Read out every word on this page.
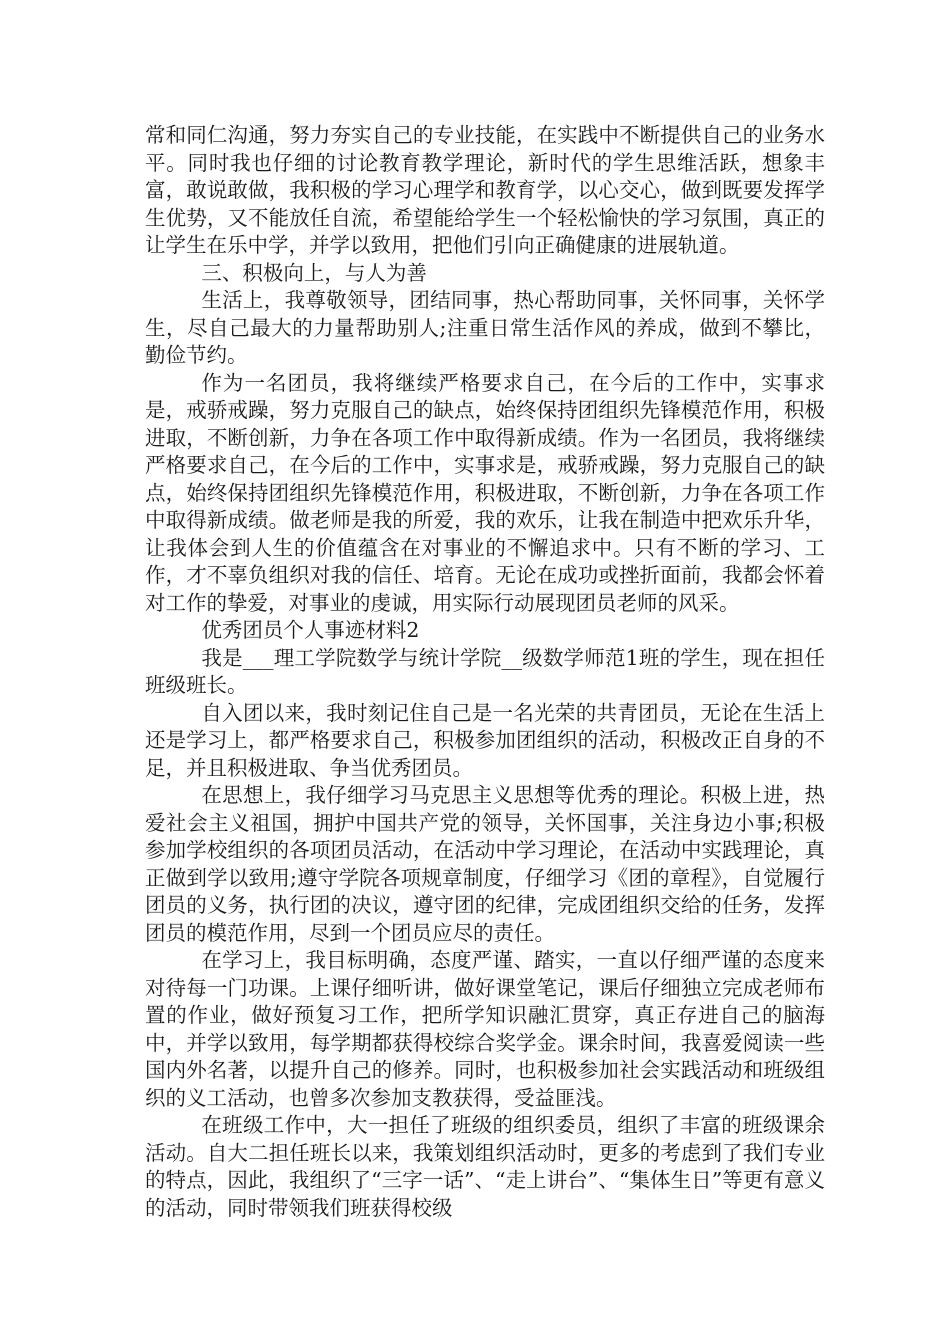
常和同仁沟通，努力夯实自己的专业技能，在实践中不断提供自己的业务水平。同时我也仔细的讨论教育教学理论，新时代的学生思维活跃，想象丰富，敢说敢做，我积极的学习心理学和教育学，以心交心，做到既要发挥学生优势，又不能放任自流，希望能给学生一个轻松愉快的学习氛围，真正的让学生在乐中学，并学以致用，把他们引向正确健康的进展轨道。

三、积极向上，与人为善

生活上，我尊敬领导，团结同事，热心帮助同事，关怀同事，关怀学生，尽自己最大的力量帮助别人;注重日常生活作风的养成，做到不攀比，勤俭节约。

作为一名团员，我将继续严格要求自己，在今后的工作中，实事求是，戒骄戒躁，努力克服自己的缺点，始终保持团组织先锋模范作用，积极进取，不断创新，力争在各项工作中取得新成绩。作为一名团员，我将继续严格要求自己，在今后的工作中，实事求是，戒骄戒躁，努力克服自己的缺点，始终保持团组织先锋模范作用，积极进取，不断创新，力争在各项工作中取得新成绩。做老师是我的所爱，我的欢乐，让我在制造中把欢乐升华，让我体会到人生的价值蕴含在对事业的不懈追求中。只有不断的学习、工作，才不辜负组织对我的信任、培育。无论在成功或挫折面前，我都会怀着对工作的挚爱，对事业的虔诚，用实际行动展现团员老师的风采。

优秀团员个人事迹材料2

我是___理工学院数学与统计学院__级数学师范1班的学生，现在担任班级班长。

自入团以来，我时刻记住自己是一名光荣的共青团员，无论在生活上还是学习上，都严格要求自己，积极参加团组织的活动，积极改正自身的不足，并且积极进取、争当优秀团员。

在思想上，我仔细学习马克思主义思想等优秀的理论。积极上进，热爱社会主义祖国，拥护中国共产党的领导，关怀国事，关注身边小事;积极参加学校组织的各项团员活动，在活动中学习理论，在活动中实践理论，真正做到学以致用;遵守学院各项规章制度，仔细学习《团的章程》，自觉履行团员的义务，执行团的决议，遵守团的纪律，完成团组织交给的任务，发挥团员的模范作用，尽到一个团员应尽的责任。

在学习上，我目标明确，态度严谨、踏实，一直以仔细严谨的态度来对待每一门功课。上课仔细听讲，做好课堂笔记，课后仔细独立完成老师布置的作业，做好预复习工作，把所学知识融汇贯穿，真正存进自己的脑海中，并学以致用，每学期都获得校综合奖学金。课余时间，我喜爱阅读一些国内外名著，以提升自己的修养。同时，也积极参加社会实践活动和班级组织的义工活动，也曾多次参加支教获得，受益匪浅。

在班级工作中，大一担任了班级的组织委员，组织了丰富的班级课余活动。自大二担任班长以来，我策划组织活动时，更多的考虑到了我们专业的特点，因此，我组织了“三字一话”、“走上讲台”、“集体生日”等更有意义的活动，同时带领我们班获得校级
